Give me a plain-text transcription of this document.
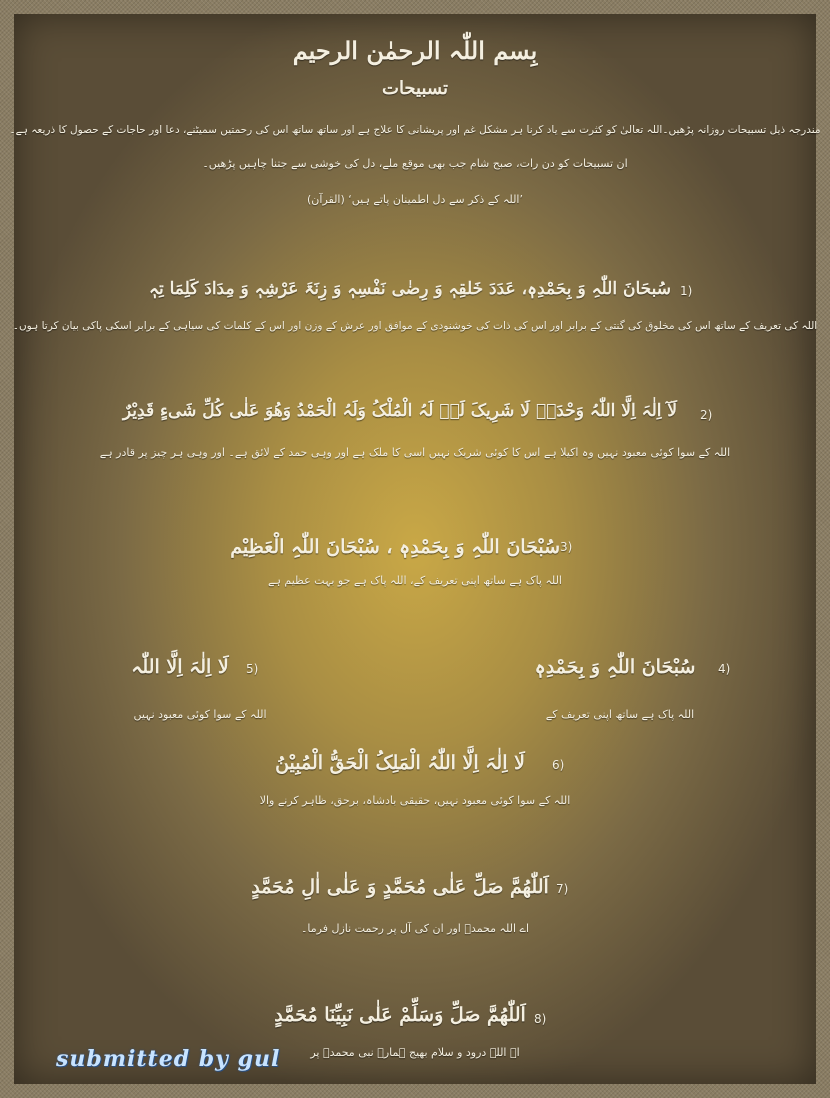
بِسم اللّٰہ الرحمٰن الرحیم
تسبیحات
مندرجہ ذیل تسبیحات روزانہ پڑھیں۔اللہ تعالیٰ کو کثرت سے یاد کرنا ہر مشکل غم اور پریشانی کا علاج ہے اور ساتھ ساتھ اس کی رحمتیں سمیٹنے، دعا اور حاجات کے حصول کا ذریعہ ہے۔
ان تسبیحات کو دن رات، صبح شام جب بھی موقع ملے، دل کی خوشی سے جتنا چاہیں پڑھیں۔
’اللہ کے ذکر سے دل اطمینان پاتے ہیں‘ (القرآن)
سُبحَانَ اللّٰہِ وَ بِحَمْدِہٖ، عَدَدَ خَلقِہٖ وَ رِضٰی نَفْسِہٖ وَ زِنَۃَ عَرْشِہٖ وَ مِدَادَ کَلِمَا تِہٖ 1)
اللہ کی تعریف کے ساتھ اس کی مخلوق کی گنتی کے برابر اور اس کی ذات کی خوشنودی کے موافق اور عرش کے وزن اور اس کے کلمات کی سیاہی کے برابر اسکی پاکی بیان کرتا ہوں۔
لَآ اِلٰہَ اِلَّا اللّٰہُ وَحْدَہٗ لَا شَرِیکَ لَہٗ لَہُ الْمُلْکُ وَلَہُ الْحَمْدُ وَھُوَ عَلٰی کُلِّ شَیءٍ قَدِیْرٌ	2)
اللہ کے سوا کوئی معبود نہیں وہ اکیلا ہے اس کا کوئی شریک نہیں اسی کا ملک ہے اور وہی حمد کے لائق ہے۔ اور وہی ہر چیز پر قادر ہے
سُبْحَانَ اللّٰہِ وَ بِحَمْدِہٖ ، سُبْحَانَ اللّٰہِ الْعَظِیْم 3)
اللہ پاک ہے ساتھ اپنی تعریف کے، اللہ پاک ہے جو بہت عظیم ہے
سُبْحَانَ اللّٰہِ وَ بِحَمْدِہٖ	4)
اللہ پاک ہے ساتھ اپنی تعریف کے
لَا اِلٰہَ اِلَّا اللّٰہ	5)
اللہ کے سوا کوئی معبود نہیں
لَا اِلٰہَ اِلَّا اللّٰہُ الْمَلِکُ الْحَقُّ الْمُبِیْنُ	6)
اللہ کے سوا کوئی معبود نہیں، حقیقی بادشاہ، برحق، ظاہر کرنے والا
اَللّٰھُمَّ صَلِّ عَلٰی مُحَمَّدٍ وَ عَلٰی اٰلِ مُحَمَّدٍ 7)
اے اللہ محمدؐ اور ان کی آل پر رحمت نازل فرما۔
اَللّٰھُمَّ صَلِّ وَسَلِّمْ عَلٰی نَبِیِّنَا مُحَمَّدٍ 8)
اے اللہ درود و سلام بھیج ہمارے نبی محمدؐ پر
submitted by gul
